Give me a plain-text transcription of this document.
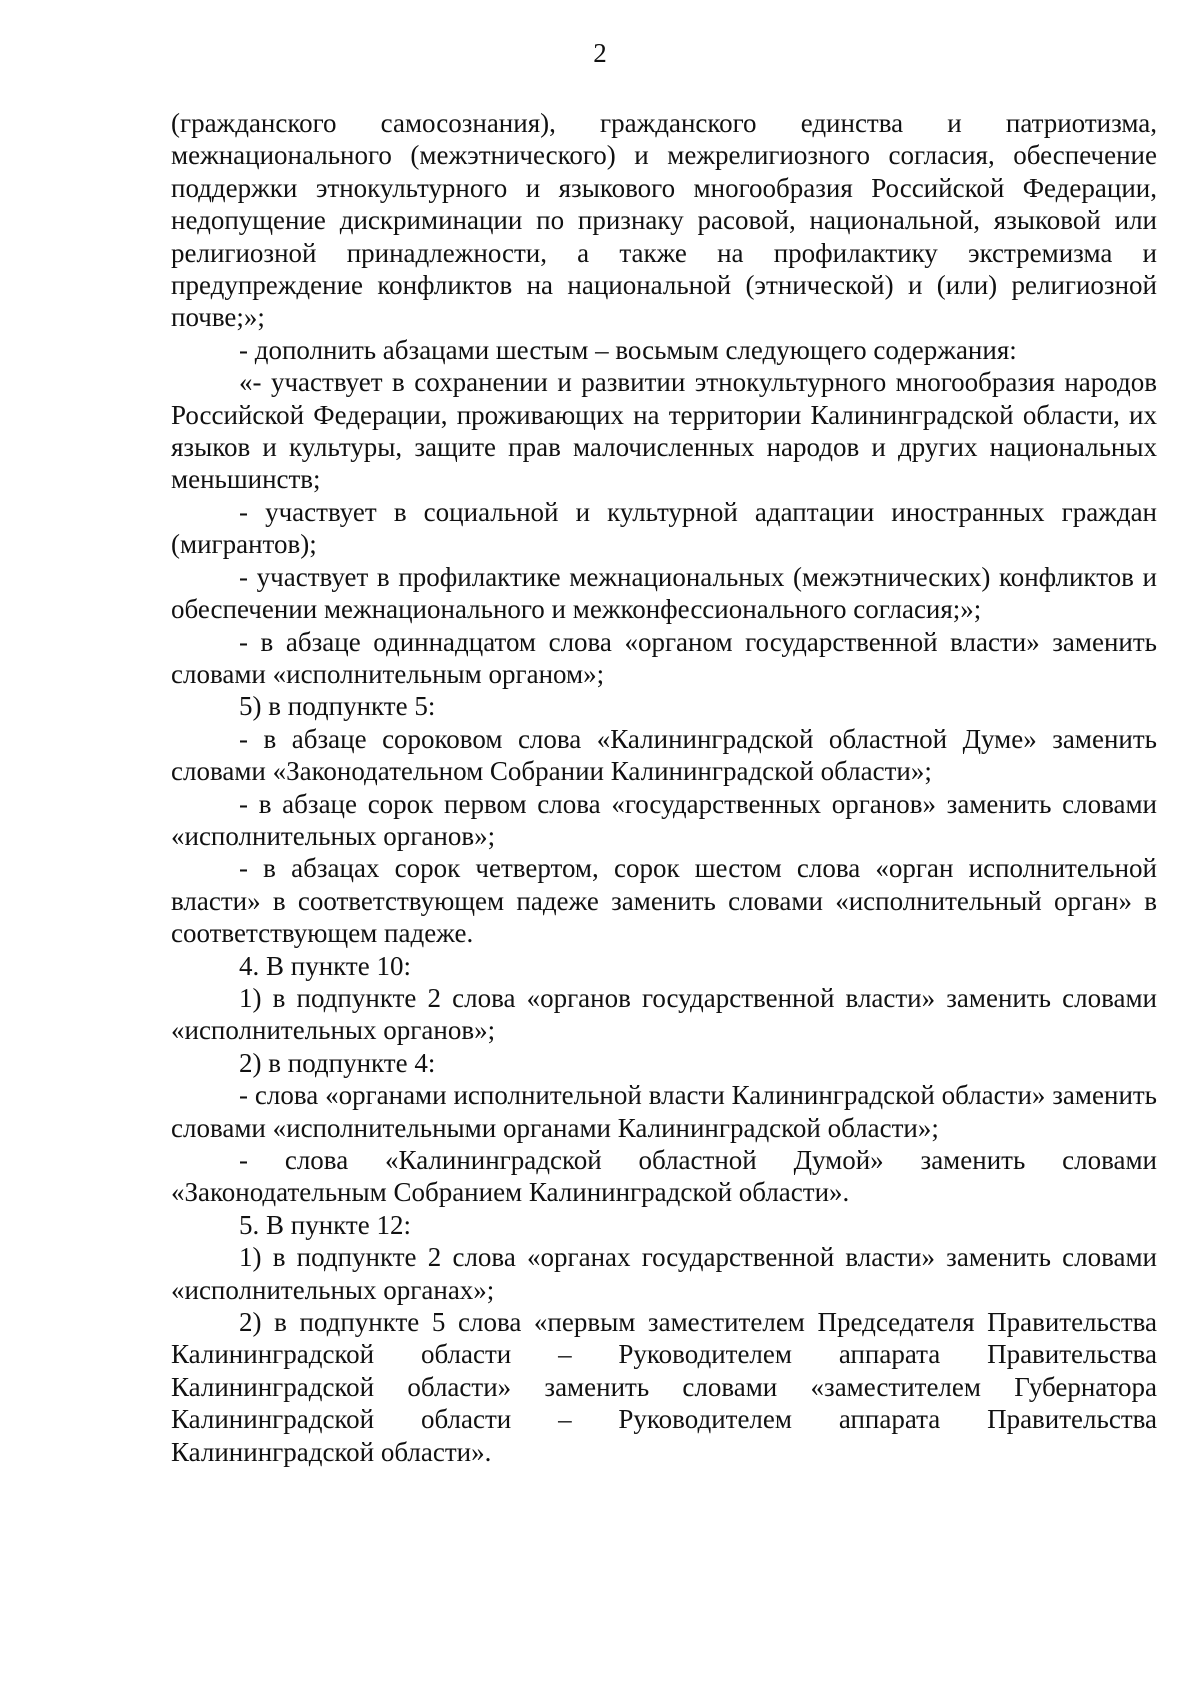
2

(гражданского самосознания), гражданского единства и патриотизма, межнационального (межэтнического) и межрелигиозного согласия, обеспечение поддержки этнокультурного и языкового многообразия Российской Федерации, недопущение дискриминации по признаку расовой, национальной, языковой или религиозной принадлежности, а также на профилактику экстремизма и предупреждение конфликтов на национальной (этнической) и (или) религиозной почве;»;

- дополнить абзацами шестым – восьмым следующего содержания:

«- участвует в сохранении и развитии этнокультурного многообразия народов Российской Федерации, проживающих на территории Калининградской области, их языков и культуры, защите прав малочисленных народов и других национальных меньшинств;

- участвует в социальной и культурной адаптации иностранных граждан (мигрантов);

- участвует в профилактике межнациональных (межэтнических) конфликтов и обеспечении межнационального и межконфессионального согласия;»;

- в абзаце одиннадцатом слова «органом государственной власти» заменить словами «исполнительным органом»;

5) в подпункте 5:

- в абзаце сороковом слова «Калининградской областной Думе» заменить словами «Законодательном Собрании Калининградской области»;

- в абзаце сорок первом слова «государственных органов» заменить словами «исполнительных органов»;

- в абзацах сорок четвертом, сорок шестом слова «орган исполнительной власти» в соответствующем падеже заменить словами «исполнительный орган» в соответствующем падеже.

4. В пункте 10:

1) в подпункте 2 слова «органов государственной власти» заменить словами «исполнительных органов»;

2) в подпункте 4:

- слова «органами исполнительной власти Калининградской области» заменить словами «исполнительными органами Калининградской области»;

- слова «Калининградской областной Думой» заменить словами «Законодательным Собранием Калининградской области».

5. В пункте 12:

1) в подпункте 2 слова «органах государственной власти» заменить словами «исполнительных органах»;

2) в подпункте 5 слова «первым заместителем Председателя Правительства Калининградской области – Руководителем аппарата Правительства Калининградской области» заменить словами «заместителем Губернатора Калининградской области – Руководителем аппарата Правительства Калининградской области».
